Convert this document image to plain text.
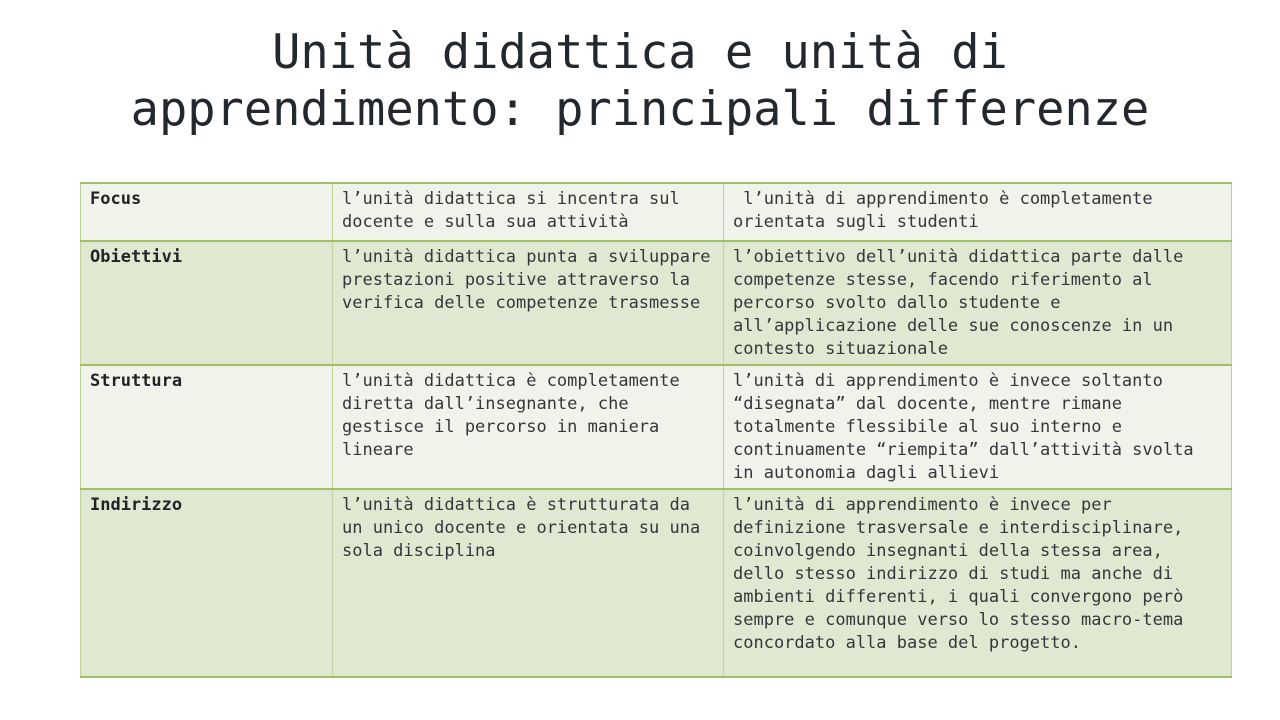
Unità didattica e unità di apprendimento: principali differenze
Focus	l’unità didattica si incentra sul docente e sulla sua attività	l’unità di apprendimento è completamente orientata sugli studenti
Obiettivi	l’unità didattica punta a sviluppare prestazioni positive attraverso la verifica delle competenze trasmesse	l’obiettivo dell’unità didattica parte dalle competenze stesse, facendo riferimento al percorso svolto dallo studente e all’applicazione delle sue conoscenze in un contesto situazionale
Struttura	l’unità didattica è completamente diretta dall’insegnante, che gestisce il percorso in maniera lineare	l’unità di apprendimento è invece soltanto “disegnata” dal docente, mentre rimane totalmente flessibile al suo interno e continuamente “riempita” dall’attività svolta in autonomia dagli allievi
Indirizzo	l’unità didattica è strutturata da un unico docente e orientata su una sola disciplina	l’unità di apprendimento è invece per definizione trasversale e interdisciplinare, coinvolgendo insegnanti della stessa area, dello stesso indirizzo di studi ma anche di ambienti differenti, i quali convergono però sempre e comunque verso lo stesso macro-tema concordato alla base del progetto.
